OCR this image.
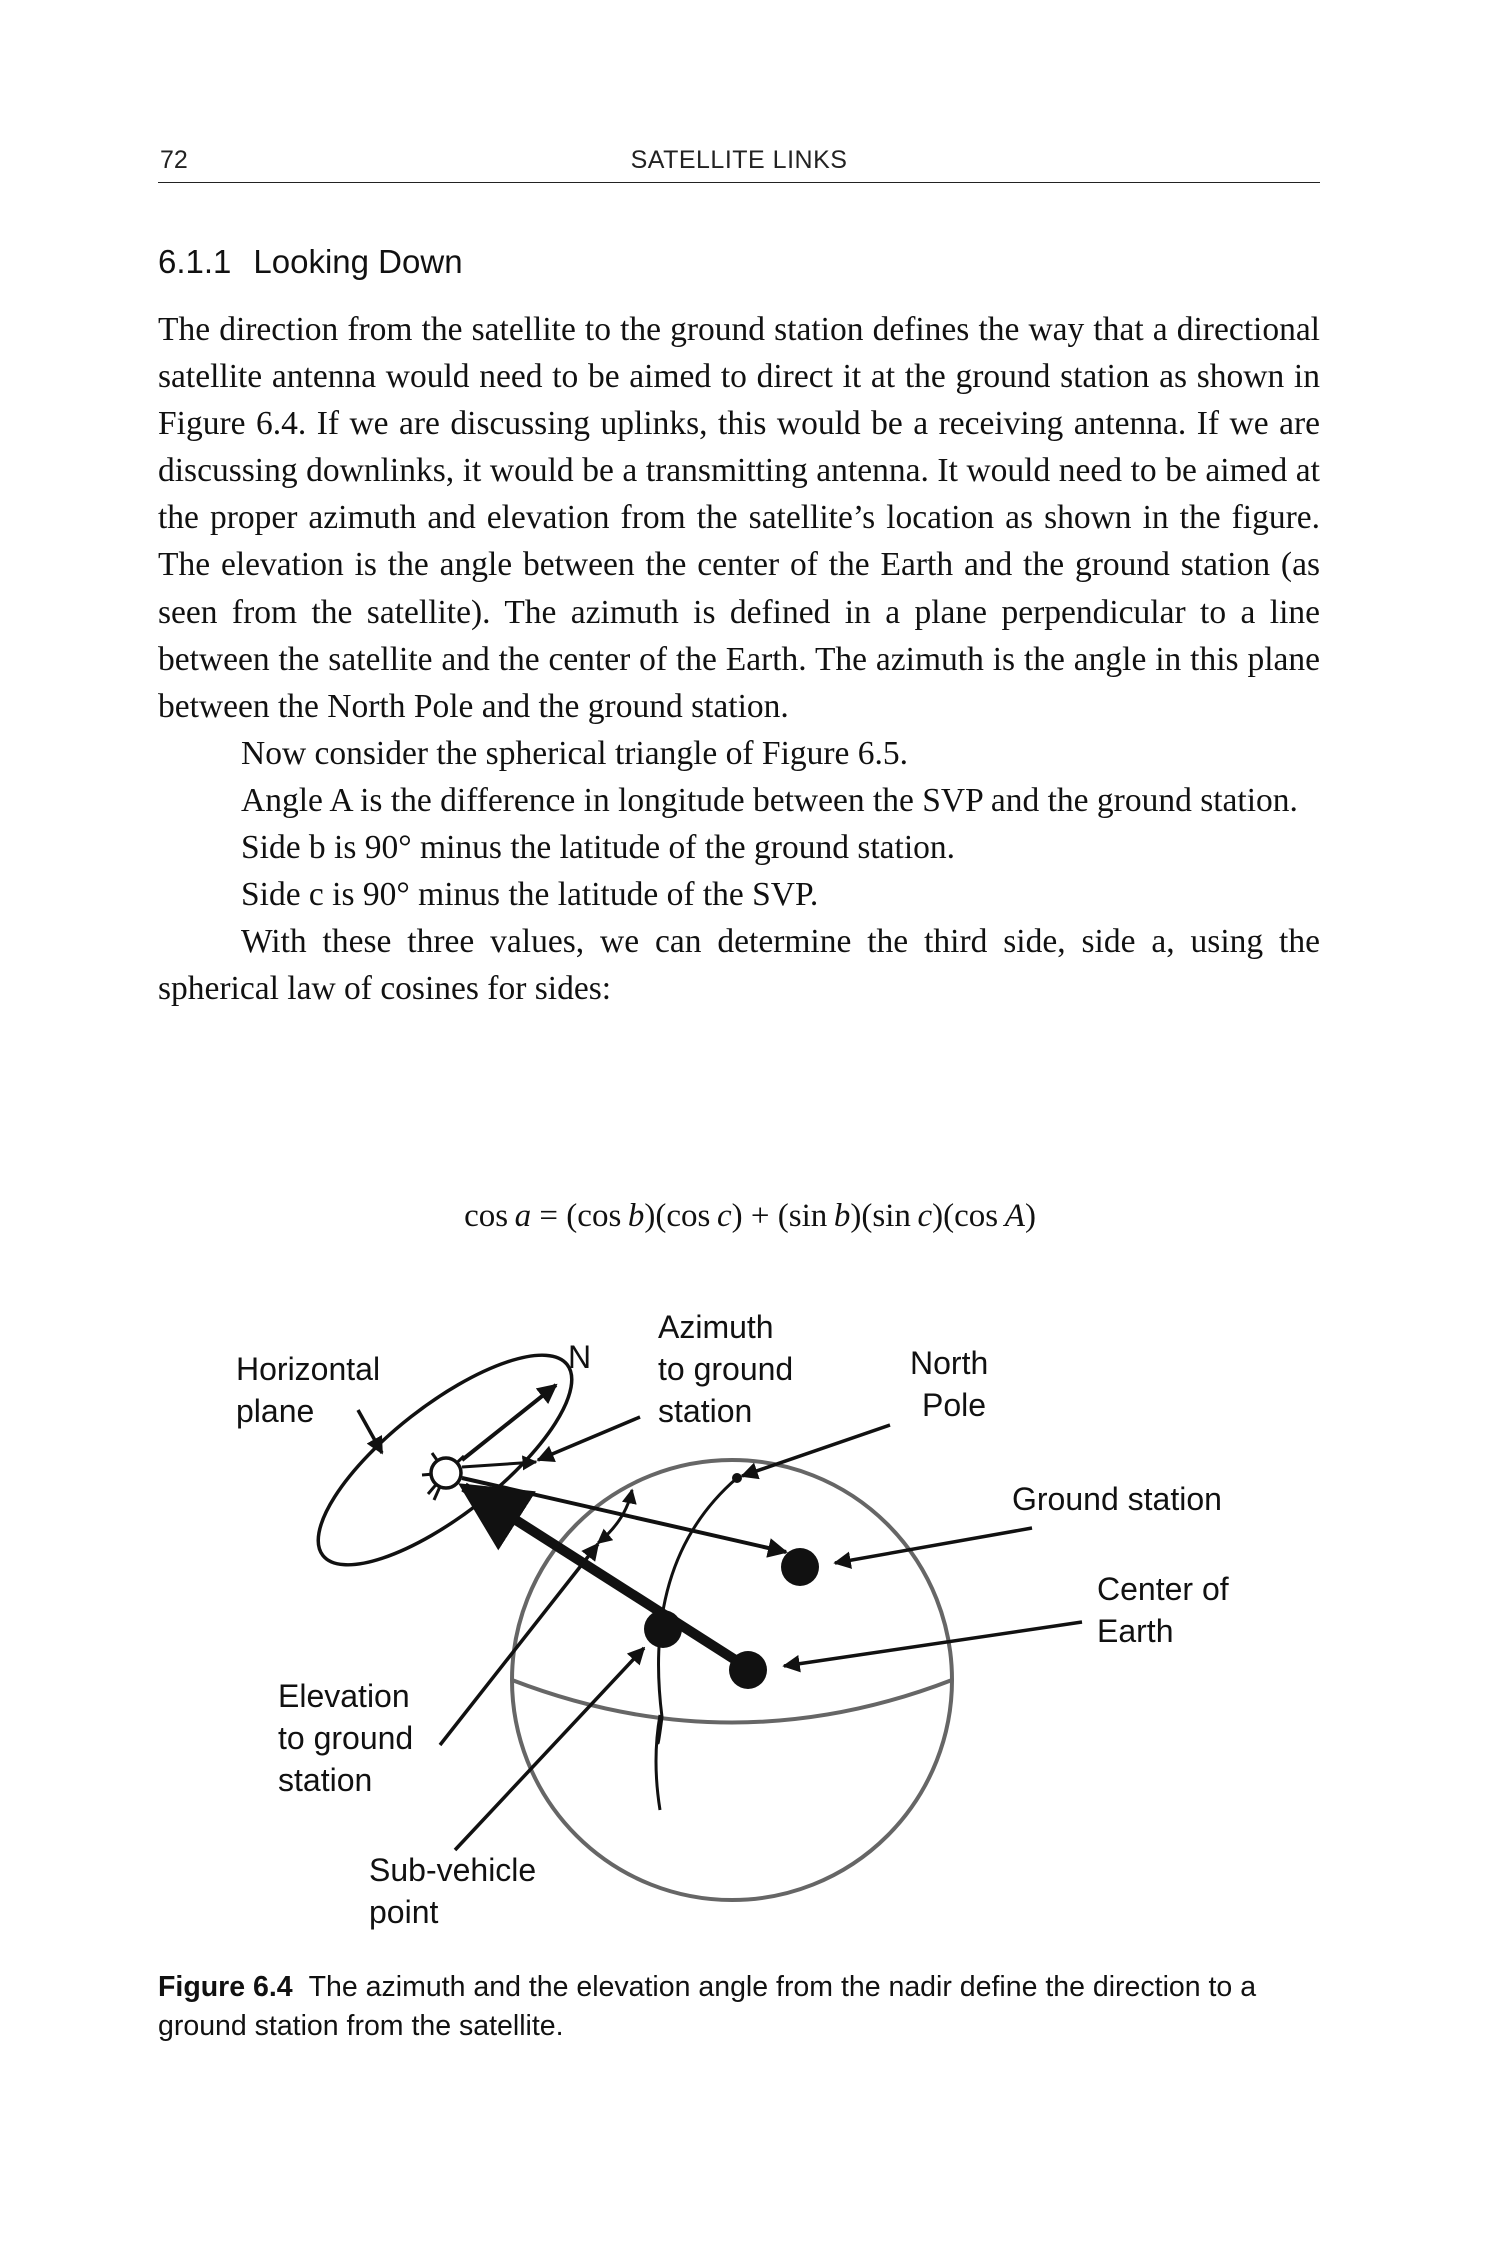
72	SATELLITE LINKS
6.1.1 Looking Down

The direction from the satellite to the ground station defines the way that a directional satellite antenna would need to be aimed to direct it at the ground station as shown in Figure 6.4. If we are discussing uplinks, this would be a receiving antenna. If we are discussing downlinks, it would be a transmitting antenna. It would need to be aimed at the proper azimuth and elevation from the satellite’s location as shown in the figure. The elevation is the angle between the center of the Earth and the ground station (as seen from the satellite). The azimuth is defined in a plane perpendicular to a line between the satellite and the center of the Earth. The azimuth is the angle in this plane between the North Pole and the ground station.

Now consider the spherical triangle of Figure 6.5.

Angle A is the difference in longitude between the SVP and the ground station.

Side b is 90° minus the latitude of the ground station.

Side c is 90° minus the latitude of the SVP.

With these three values, we can determine the third side, side a, using the spherical law of cosines for sides:

cos  a = (cos  b)(cos  c) + (sin  b)(sin  c)(cos  A)
Horizontal
plane
N
Azimuth
to ground
station
North
Pole
Ground station
Center of
Earth
Elevation
to ground
station
Sub-vehicle
point
Figure 6.4 The azimuth and the elevation angle from the nadir define the direction to a ground station from the satellite.
